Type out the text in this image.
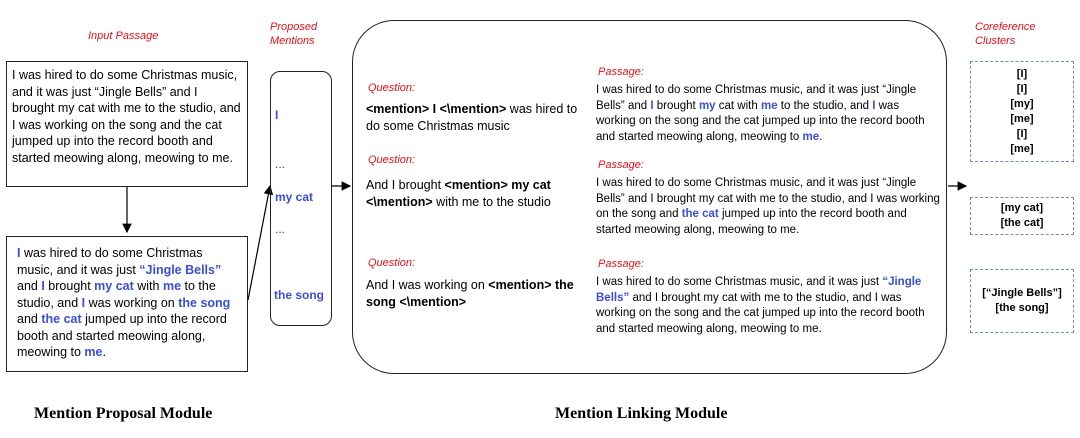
Input Passage
I was hired to do some Christmas music, and it was just “Jingle Bells” and I brought my cat with me to the studio, and I was working on the song and the cat jumped up into the record booth and started meowing along, meowing to me.
I was hired to do some Christmas music, and it was just “Jingle Bells” and I brought my cat with me to the studio, and I was working on the song and the cat jumped up into the record booth and started meowing along, meowing to me.
Proposed
Mentions
I
...
my cat
...
the song
Question:
<mention> I <\mention> was hired to do some Christmas music
Question:
And I brought <mention> my cat <\mention> with me to the studio
Question:
And I was working on <mention> the song <\mention>
Passage:
I was hired to do some Christmas music, and it was just “Jingle Bells” and I brought my cat with me to the studio, and I was working on the song and the cat jumped up into the record booth and started meowing along, meowing to me.
Passage:
I was hired to do some Christmas music, and it was just “Jingle Bells” and I brought my cat with me to the studio, and I was working on the song and the cat jumped up into the record booth and started meowing along, meowing to me.
Passage:
I was hired to do some Christmas music, and it was just “Jingle Bells” and I brought my cat with me to the studio, and I was working on the song and the cat jumped up into the record booth and started meowing along, meowing to me.
Coreference
Clusters
[I]
[I]
[my]
[me]
[I]
[me]
[my cat]
[the cat]
[“Jingle Bells”]
[the song]
Mention Proposal Module	Mention Linking Module
